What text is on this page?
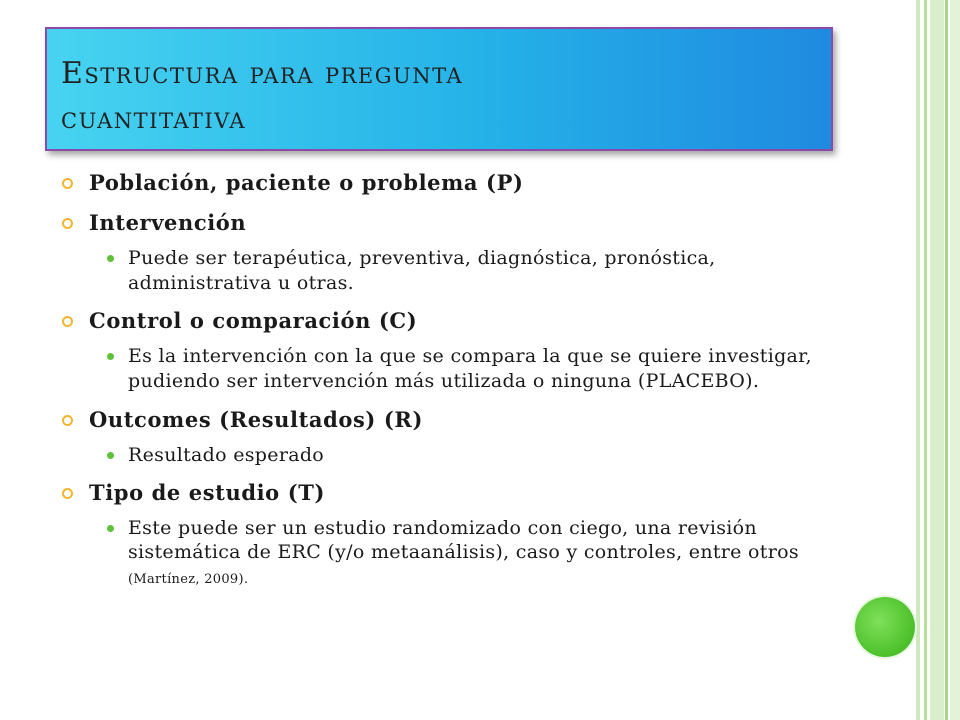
Estructura para pregunta
cuantitativa
Población, paciente o problema (P)
Intervención
Puede ser terapéutica, preventiva, diagnóstica, pronóstica, administrativa u otras.
Control o comparación (C)
Es la intervención con la que se compara la que se quiere investigar, pudiendo ser intervención más utilizada o ninguna (PLACEBO).
Outcomes (Resultados) (R)
Resultado esperado
Tipo de estudio (T)
Este puede ser un estudio randomizado con ciego, una revisión sistemática de ERC (y/o metaanálisis), caso y controles, entre otros (Martínez, 2009).
